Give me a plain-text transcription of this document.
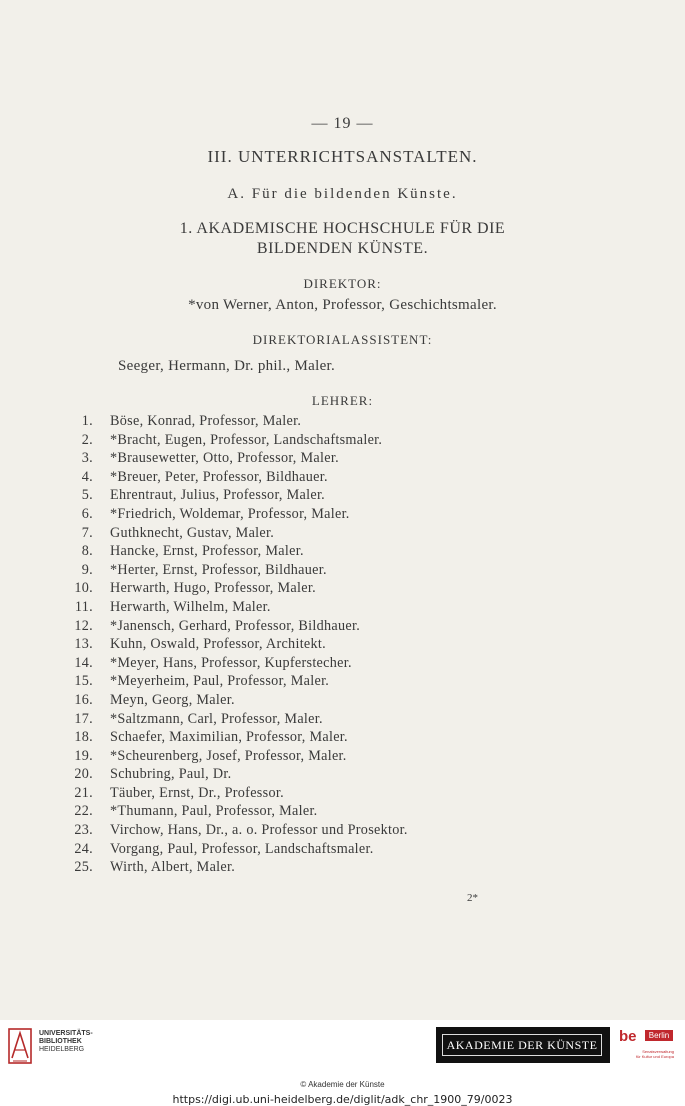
— 19 —
III. UNTERRICHTSANSTALTEN.
A. Für die bildenden Künste.
1. AKADEMISCHE HOCHSCHULE FÜR DIE
BILDENDEN KÜNSTE.
DIREKTOR:
*von Werner, Anton, Professor, Geschichtsmaler.
DIREKTORIALASSISTENT:
Seeger, Hermann, Dr. phil., Maler.
LEHRER:
1. Böse, Konrad, Professor, Maler.
2. *Bracht, Eugen, Professor, Landschaftsmaler.
3. *Brausewetter, Otto, Professor, Maler.
4. *Breuer, Peter, Professor, Bildhauer.
5. Ehrentraut, Julius, Professor, Maler.
6. *Friedrich, Woldemar, Professor, Maler.
7. Guthknecht, Gustav, Maler.
8. Hancke, Ernst, Professor, Maler.
9. *Herter, Ernst, Professor, Bildhauer.
10. Herwarth, Hugo, Professor, Maler.
11. Herwarth, Wilhelm, Maler.
12. *Janensch, Gerhard, Professor, Bildhauer.
13. Kuhn, Oswald, Professor, Architekt.
14. *Meyer, Hans, Professor, Kupferstecher.
15. *Meyerheim, Paul, Professor, Maler.
16. Meyn, Georg, Maler.
17. *Saltzmann, Carl, Professor, Maler.
18. Schaefer, Maximilian, Professor, Maler.
19. *Scheurenberg, Josef, Professor, Maler.
20. Schubring, Paul, Dr.
21. Täuber, Ernst, Dr., Professor.
22. *Thumann, Paul, Professor, Maler.
23. Virchow, Hans, Dr., a. o. Professor und Prosektor.
24. Vorgang, Paul, Professor, Landschaftsmaler.
25. Wirth, Albert, Maler.
2*
UNIVERSITÄTS-
BIBLIOTHEK
HEIDELBERG	AKADEMIE DER KÜNSTE	be	Berlin
Senatsverwaltung
für Kultur und Europa
© Akademie der Künste
https://digi.ub.uni-heidelberg.de/diglit/adk_chr_1900_79/0023
